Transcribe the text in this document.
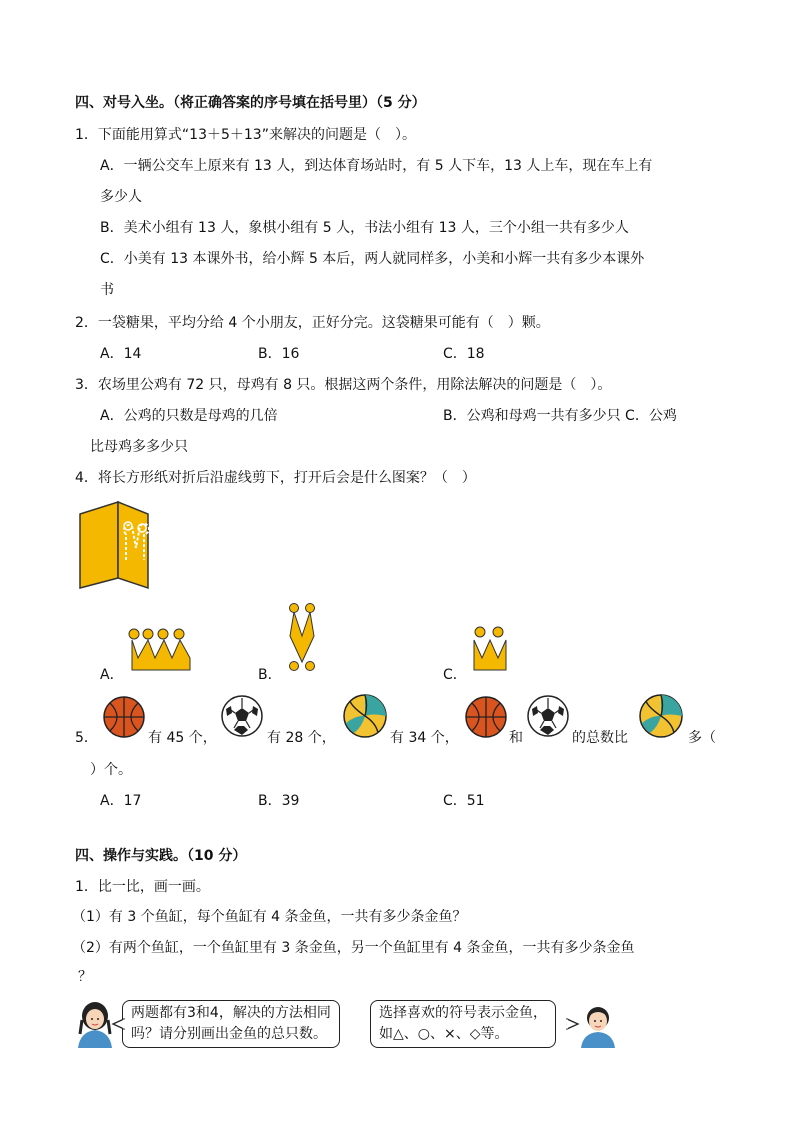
四、对号入坐。（将正确答案的序号填在括号里）（5 分）
1．下面能用算式“13＋5＋13”来解决的问题是（　）。
A．一辆公交车上原来有 13 人，到达体育场站时，有 5 人下车，13 人上车，现在车上有
多少人
B．美术小组有 13 人，象棋小组有 5 人，书法小组有 13 人，三个小组一共有多少人
C．小美有 13 本课外书，给小辉 5 本后，两人就同样多，小美和小辉一共有多少本课外
书
2．一袋糖果，平均分给 4 个小朋友，正好分完。这袋糖果可能有（　）颗。
A．14	B．16	C．18
3．农场里公鸡有 72 只，母鸡有 8 只。根据这两个条件，用除法解决的问题是（　）。
A．公鸡的只数是母鸡的几倍	B．公鸡和母鸡一共有多少只 C．公鸡
比母鸡多多少只
4．将长方形纸对折后沿虚线剪下，打开后会是什么图案？（　）
A．	B．	C．
5．	有 45 个，	有 28 个，	有 34 个，	和	的总数比	多（
）个。
A．17	B．39	C．51
四、操作与实践。（10 分）
1．比一比，画一画。
（1）有 3 个鱼缸，每个鱼缸有 4 条金鱼，一共有多少条金鱼？
（2）有两个鱼缸，一个鱼缸里有 3 条金鱼，另一个鱼缸里有 4 条金鱼，一共有多少条金鱼
？
两题都有3和4，解决的方法相同
吗？请分别画出金鱼的总只数。
选择喜欢的符号表示金鱼，
如△、○、×、◇等。
